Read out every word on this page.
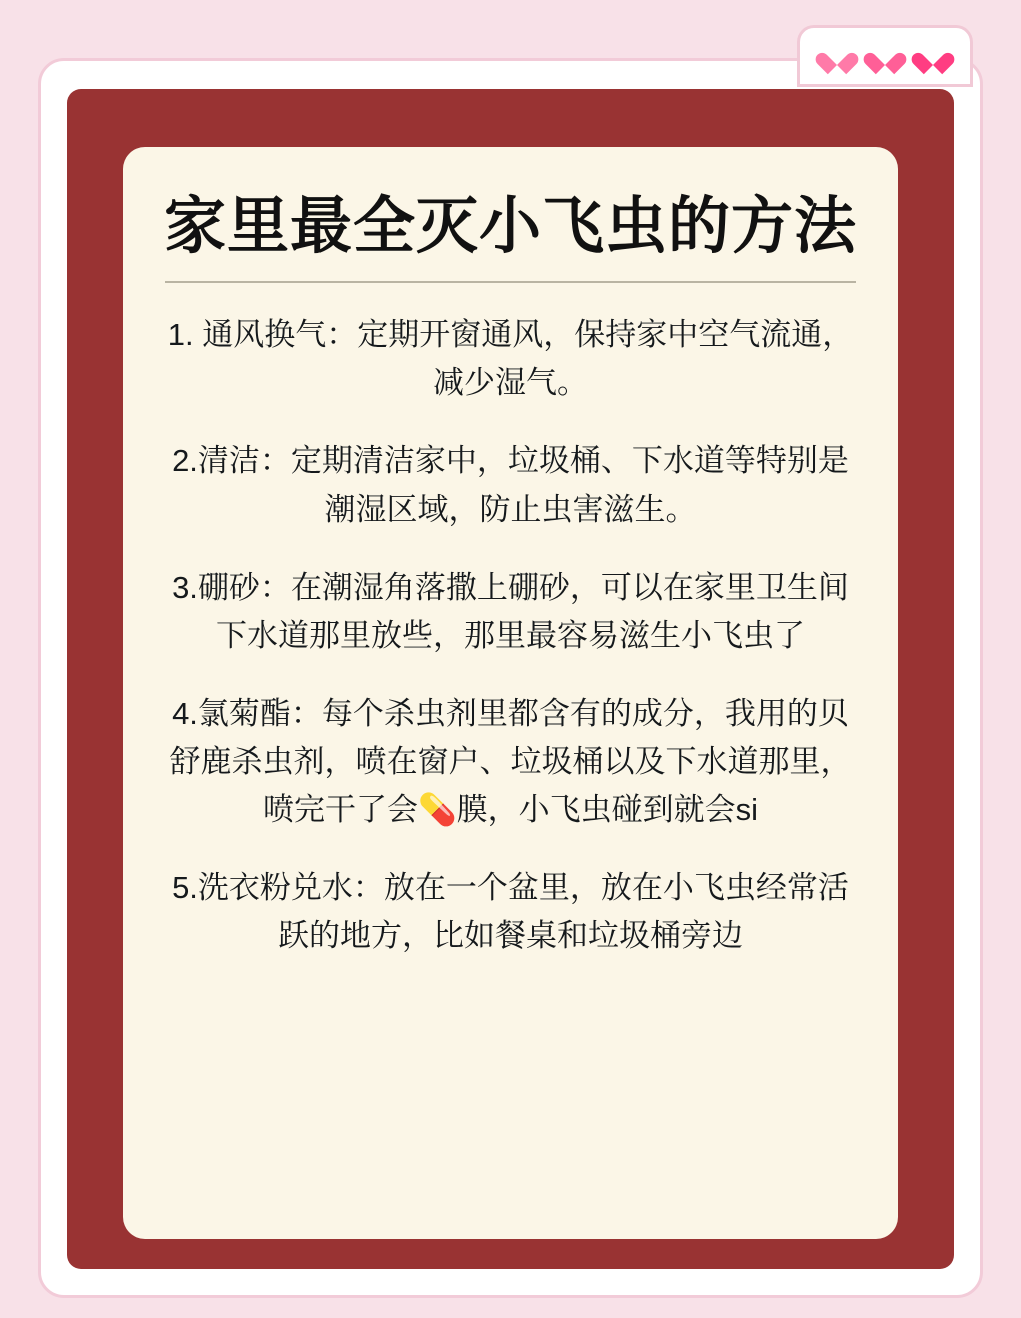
家里最全灭小飞虫的方法

1. 通风换气：定期开窗通风，保持家中空气流通，减少湿气。

2.清洁：定期清洁家中，垃圾桶、下水道等特别是潮湿区域，防止虫害滋生。

3.硼砂：在潮湿角落撒上硼砂，可以在家里卫生间下水道那里放些，那里最容易滋生小飞虫了

4.氯菊酯：每个杀虫剂里都含有的成分，我用的贝舒鹿杀虫剂，喷在窗户、垃圾桶以及下水道那里，喷完干了会💊膜，小飞虫碰到就会si

5.洗衣粉兑水：放在一个盆里，放在小飞虫经常活跃的地方，比如餐桌和垃圾桶旁边
